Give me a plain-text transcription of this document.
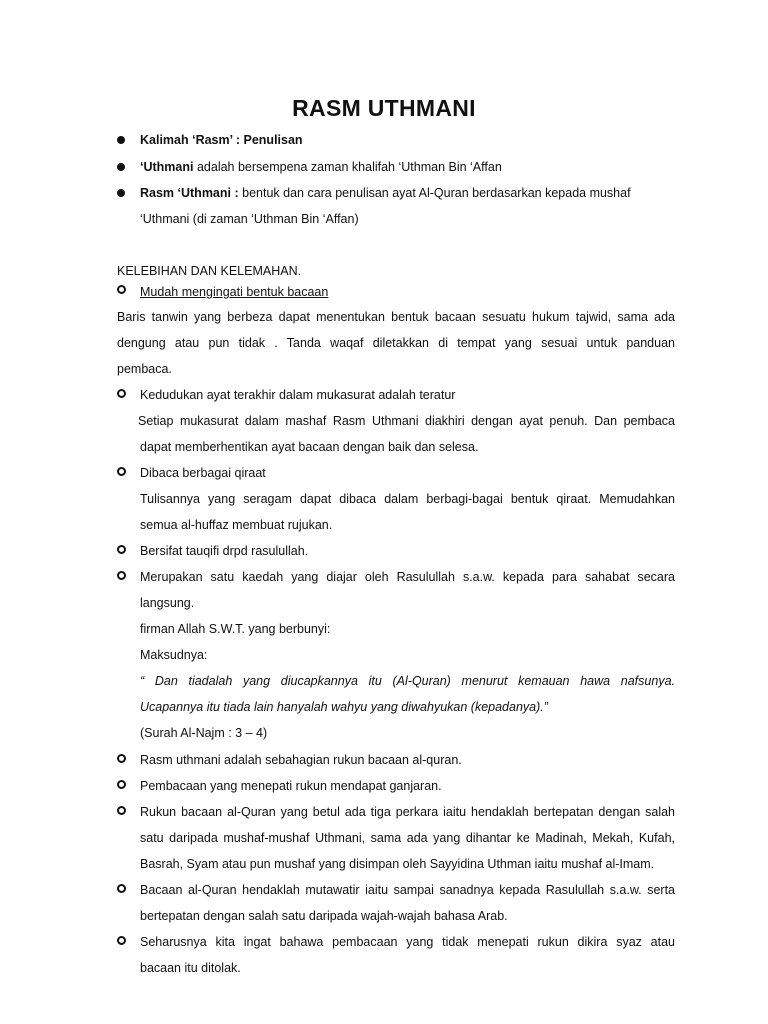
RASM UTHMANI
Kalimah ‘Rasm’ : Penulisan
‘Uthmani adalah bersempena zaman khalifah ‘Uthman Bin ‘Affan
Rasm ‘Uthmani : bentuk dan cara penulisan ayat Al-Quran berdasarkan kepada mushaf
‘Uthmani (di zaman ‘Uthman Bin ‘Affan)
KELEBIHAN DAN KELEMAHAN.
Mudah mengingati bentuk bacaan
Baris tanwin yang berbeza dapat menentukan bentuk bacaan sesuatu hukum tajwid, sama ada
dengung atau pun tidak . Tanda waqaf diletakkan di tempat yang sesuai untuk panduan
pembaca.
Kedudukan ayat terakhir dalam mukasurat adalah teratur
Setiap mukasurat dalam mashaf Rasm Uthmani diakhiri dengan ayat penuh. Dan pembaca
dapat memberhentikan ayat bacaan dengan baik dan selesa.
Dibaca berbagai qiraat
Tulisannya yang seragam dapat dibaca dalam berbagi-bagai bentuk qiraat. Memudahkan
semua al-huffaz membuat rujukan.
Bersifat tauqifi drpd rasulullah.
Merupakan satu kaedah yang diajar oleh Rasulullah s.a.w. kepada para sahabat secara
langsung.
firman Allah S.W.T. yang berbunyi:
Maksudnya:
“ Dan tiadalah yang diucapkannya itu (Al-Quran) menurut kemauan hawa nafsunya.
Ucapannya itu tiada lain hanyalah wahyu yang diwahyukan (kepadanya).”
(Surah Al-Najm : 3 – 4)
Rasm uthmani adalah sebahagian rukun bacaan al-quran.
Pembacaan yang menepati rukun mendapat ganjaran.
Rukun bacaan al-Quran yang betul ada tiga perkara iaitu hendaklah bertepatan dengan salah
satu daripada mushaf-mushaf Uthmani, sama ada yang dihantar ke Madinah, Mekah, Kufah,
Basrah, Syam atau pun mushaf yang disimpan oleh Sayyidina Uthman iaitu mushaf al-Imam.
Bacaan al-Quran hendaklah mutawatir iaitu sampai sanadnya kepada Rasulullah s.a.w. serta
bertepatan dengan salah satu daripada wajah-wajah bahasa Arab.
Seharusnya kita ingat bahawa pembacaan yang tidak menepati rukun dikira syaz atau
bacaan itu ditolak.
